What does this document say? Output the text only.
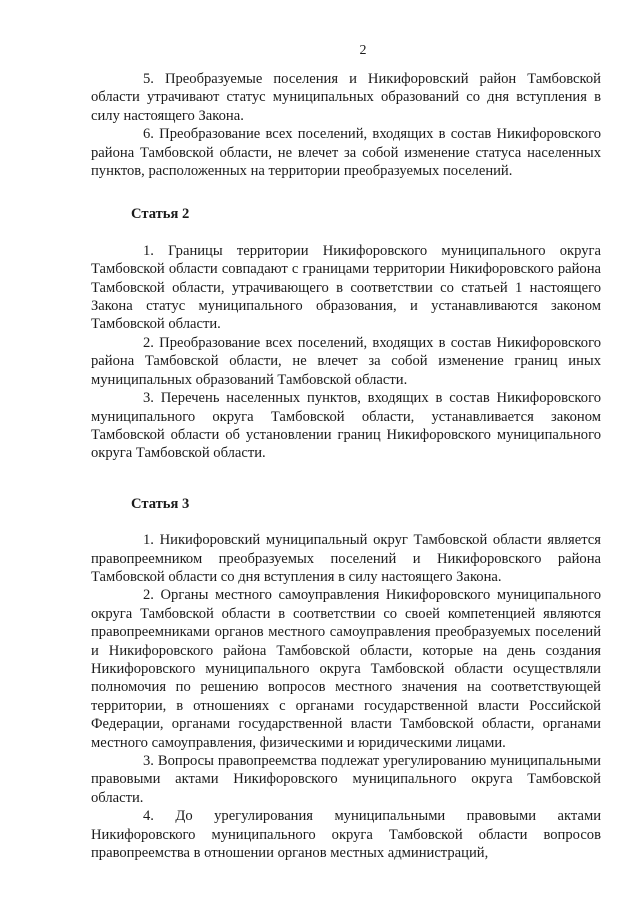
2

5. Преобразуемые поселения и Никифоровский район Тамбовской области утрачивают статус муниципальных образований со дня вступления в силу настоящего Закона.

6. Преобразование всех поселений, входящих в состав Никифоровского района Тамбовской области, не влечет за собой изменение статуса населенных пунктов, расположенных на территории преобразуемых поселений.

Статья 2

1. Границы территории Никифоровского муниципального округа Тамбовской области совпадают с границами территории Никифоровского района Тамбовской области, утрачивающего в соответствии со статьей 1 настоящего Закона статус муниципального образования, и устанавливаются законом Тамбовской области.

2. Преобразование всех поселений, входящих в состав Никифоровского района Тамбовской области, не влечет за собой изменение границ иных муниципальных образований Тамбовской области.

3. Перечень населенных пунктов, входящих в состав Никифоровского муниципального округа Тамбовской области, устанавливается законом Тамбовской области об установлении границ Никифоровского муниципального округа Тамбовской области.

Статья 3

1. Никифоровский муниципальный округ Тамбовской области является правопреемником преобразуемых поселений и Никифоровского района Тамбовской области со дня вступления в силу настоящего Закона.

2. Органы местного самоуправления Никифоровского муниципального округа Тамбовской области в соответствии со своей компетенцией являются правопреемниками органов местного самоуправления преобразуемых поселений и Никифоровского района Тамбовской области, которые на день создания Никифоровского муниципального округа Тамбовской области осуществляли полномочия по решению вопросов местного значения на соответствующей территории, в отношениях с органами государственной власти Российской Федерации, органами государственной власти Тамбовской области, органами местного самоуправления, физическими и юридическими лицами.

3. Вопросы правопреемства подлежат урегулированию муниципальными правовыми актами Никифоровского муниципального округа Тамбовской области.

4. До урегулирования муниципальными правовыми актами Никифоровского муниципального округа Тамбовской области вопросов правопреемства в отношении органов местных администраций,
